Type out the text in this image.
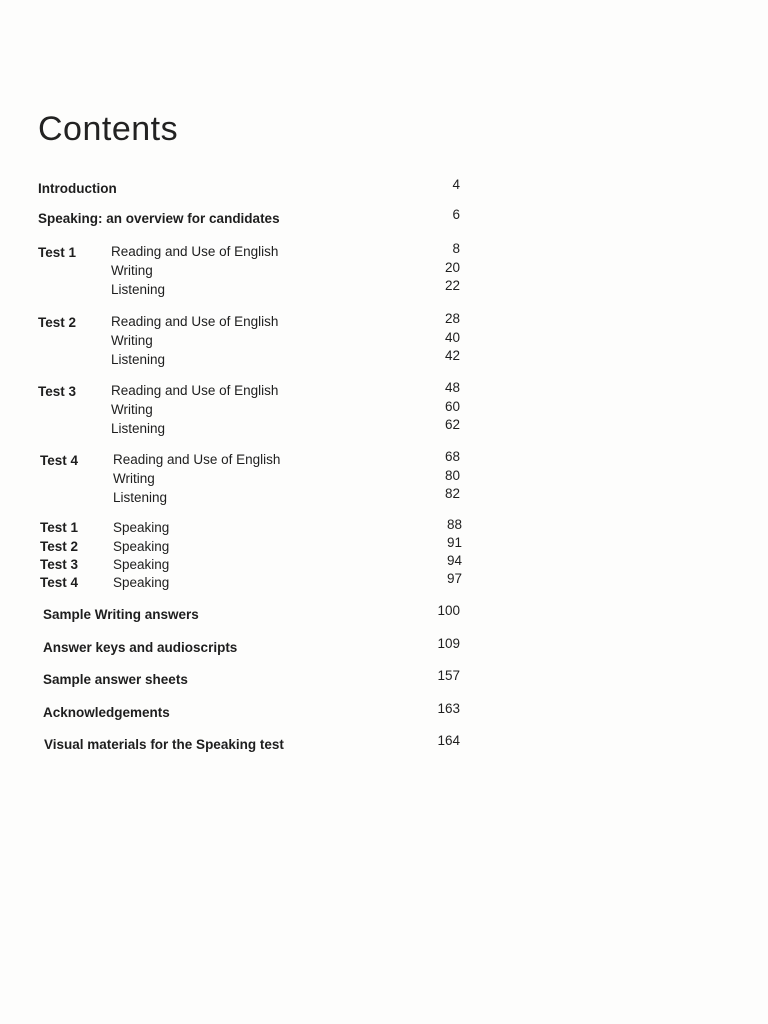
Contents
Introduction	4
Speaking: an overview for candidates	6
Test 1	Reading and Use of English	8
Writing	20
Listening	22
Test 2	Reading and Use of English	28
Writing	40
Listening	42
Test 3	Reading and Use of English	48
Writing	60
Listening	62
Test 4	Reading and Use of English	68
Writing	80
Listening	82
Test 1	Speaking	88
Test 2	Speaking	91
Test 3	Speaking	94
Test 4	Speaking	97
Sample Writing answers	100
Answer keys and audioscripts	109
Sample answer sheets	157
Acknowledgements	163
Visual materials for the Speaking test	164
